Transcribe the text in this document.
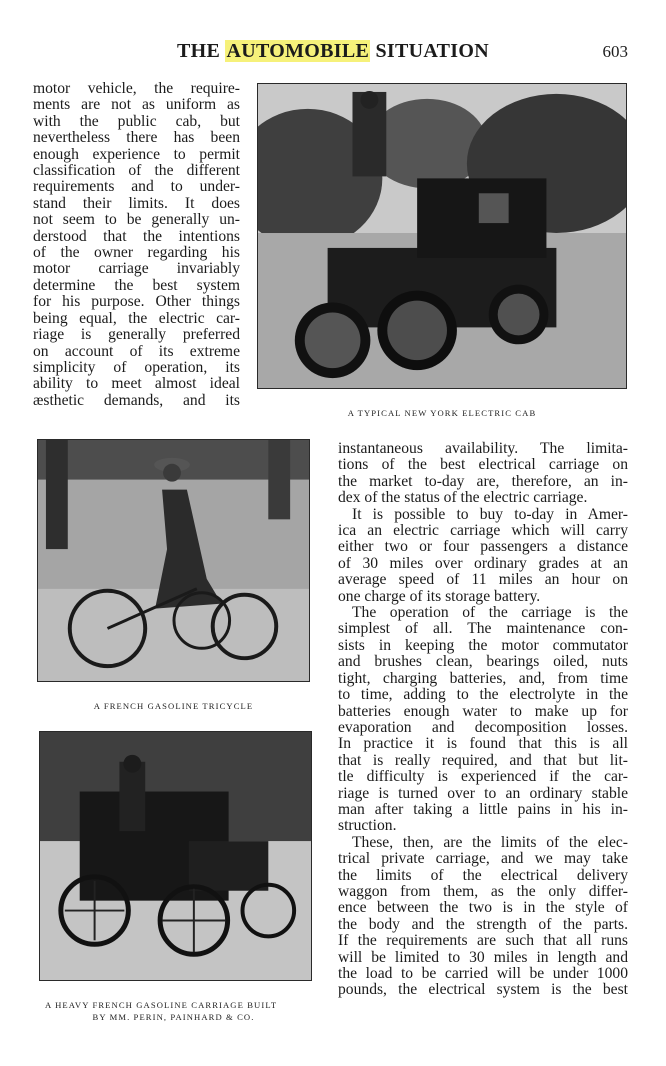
THE AUTOMOBILE SITUATION	603
motor vehicle, the require-
ments are not as uniform as
with the public cab, but
nevertheless there has been
enough experience to permit
classification of the different
requirements and to under-
stand their limits. It does
not seem to be generally un-
derstood that the intentions
of the owner regarding his
motor carriage invariably
determine the best system
for his purpose. Other things
being equal, the electric car-
riage is generally preferred
on account of its extreme
simplicity of operation, its
ability to meet almost ideal
æsthetic demands, and its
A TYPICAL NEW YORK ELECTRIC CAB
A FRENCH GASOLINE TRICYCLE
A HEAVY FRENCH GASOLINE CARRIAGE BUILT
BY MM. PERIN, PAINHARD & CO.
instantaneous availability. The limita-
tions of the best electrical carriage on
the market to-day are, therefore, an in-
dex of the status of the electric carriage.
It is possible to buy to-day in Amer-
ica an electric carriage which will carry
either two or four passengers a distance
of 30 miles over ordinary grades at an
average speed of 11 miles an hour on
one charge of its storage battery.
The operation of the carriage is the
simplest of all. The maintenance con-
sists in keeping the motor commutator
and brushes clean, bearings oiled, nuts
tight, charging batteries, and, from time
to time, adding to the electrolyte in the
batteries enough water to make up for
evaporation and decomposition losses.
In practice it is found that this is all
that is really required, and that but lit-
tle difficulty is experienced if the car-
riage is turned over to an ordinary stable
man after taking a little pains in his in-
struction.
These, then, are the limits of the elec-
trical private carriage, and we may take
the limits of the electrical delivery
waggon from them, as the only differ-
ence between the two is in the style of
the body and the strength of the parts.
If the requirements are such that all runs
will be limited to 30 miles in length and
the load to be carried will be under 1000
pounds, the electrical system is the best
